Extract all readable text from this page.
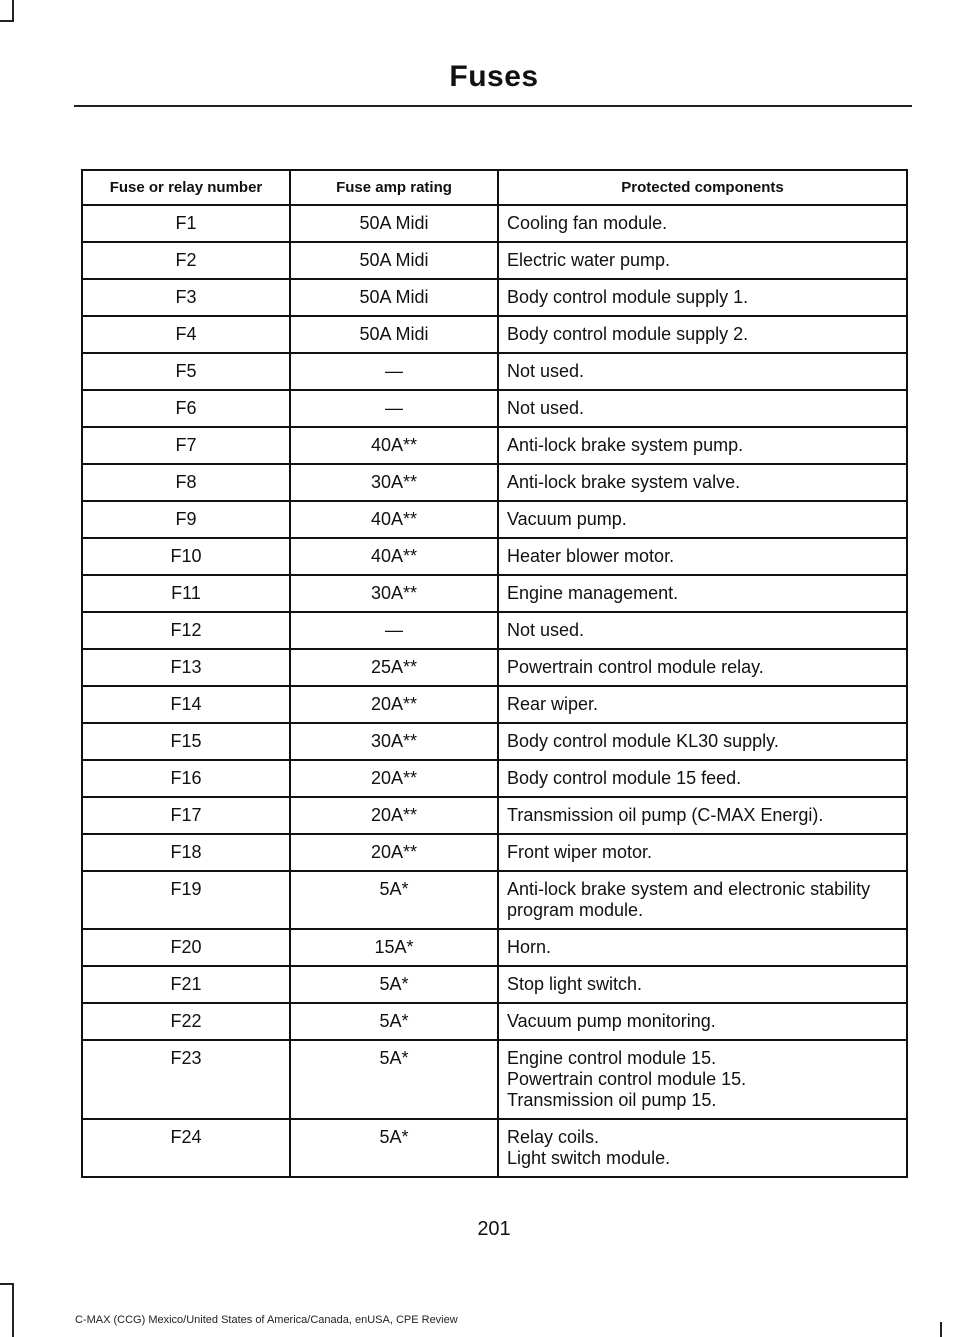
Fuses
Fuse or relay number	Fuse amp rating	Protected components
F1	50A Midi	Cooling fan module.

F2	50A Midi	Electric water pump.

F3	50A Midi	Body control module supply 1.

F4	50A Midi	Body control module supply 2.

F5	—	Not used.

F6	—	Not used.

F7	40A**	Anti-lock brake system pump.

F8	30A**	Anti-lock brake system valve.

F9	40A**	Vacuum pump.

F10	40A**	Heater blower motor.

F11	30A**	Engine management.

F12	—	Not used.

F13	25A**	Powertrain control module relay.

F14	20A**	Rear wiper.

F15	30A**	Body control module KL30 supply.

F16	20A**	Body control module 15 feed.

F17	20A**	Transmission oil pump (C-MAX Energi).

F18	20A**	Front wiper motor.

F19	5A*	Anti-lock brake system and electronic stability program module.

F20	15A*	Horn.

F21	5A*	Stop light switch.

F22	5A*	Vacuum pump monitoring.

F23	5A*	Engine control module 15.
Powertrain control module 15.
Transmission oil pump 15.

F24	5A*	Relay coils.
Light switch module.
201
C-MAX (CCG) Mexico/United States of America/Canada, enUSA, CPE Review
